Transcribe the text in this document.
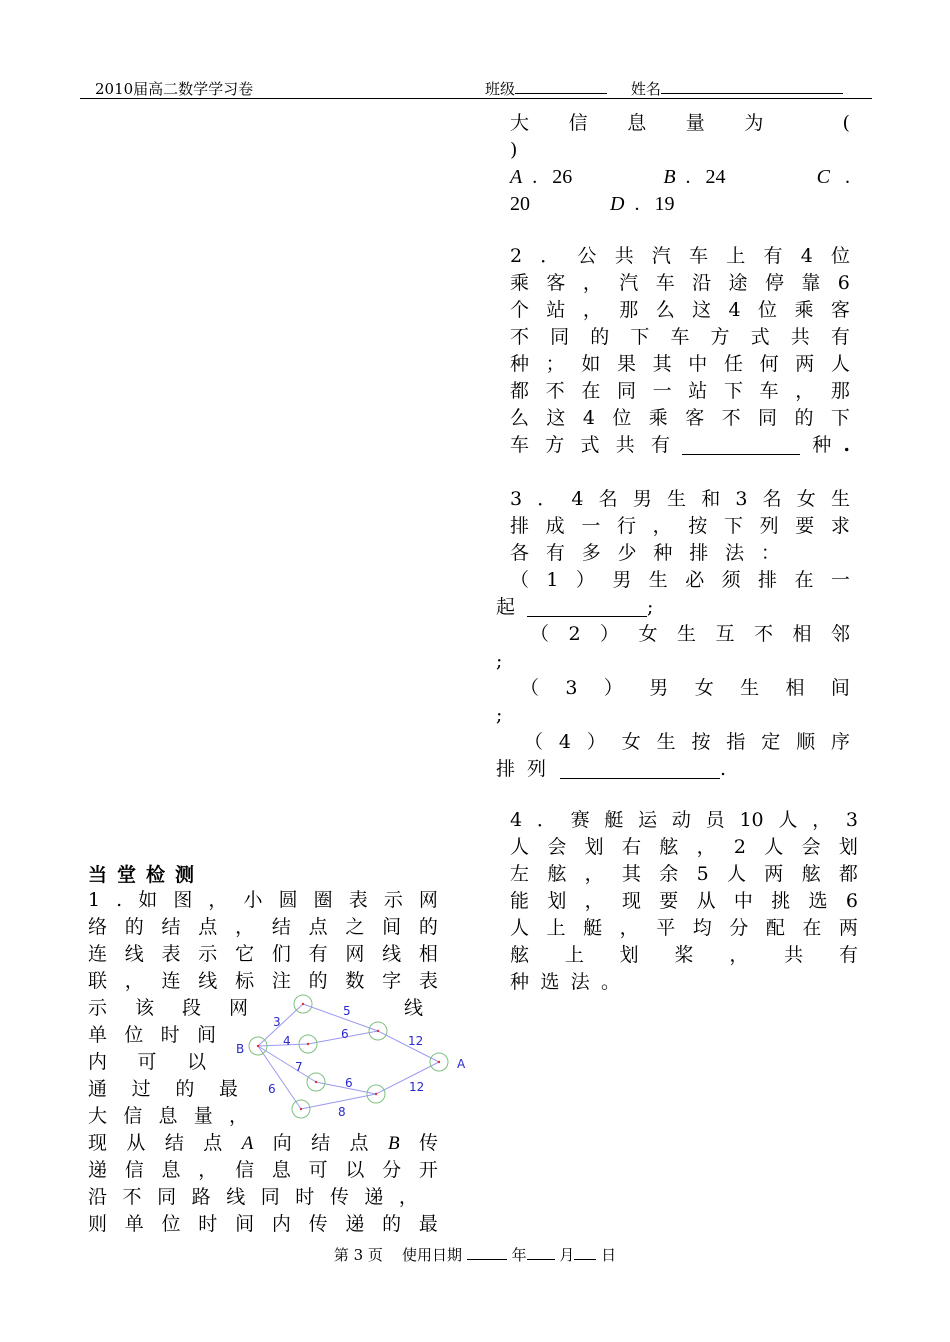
2010届高二数学学习卷	班级	姓名
大 信 息 量 为	(
)
A . 26	B . 24	C .
20	D . 19
2 ． 公 共 汽 车 上 有 4 位
乘 客 ， 汽 车 沿 途 停 靠 6
个 站 ， 那 么 这 4 位 乘 客
不 同 的 下 车 方 式 共 有
种 ； 如 果 其 中 任 何 两 人
都 不 在 同 一 站 下 车 ， 那
么 这 4 位 乘 客 不 同 的 下
车 方 式 共 有	种 .
3 ． 4 名 男 生 和 3 名 女 生
排 成 一 行 ， 按 下 列 要 求
各 有 多 少 种 排 法 ：
（ 1 ） 男 生 必 须 排 在 一
起	;
（ 2 ） 女 生 互 不 相 邻
;
（ 3 ） 男 女 生 相 间
;
（ 4 ） 女 生 按 指 定 顺 序
排列	.
4 ． 赛 艇 运 动 员 10 人 ， 3
人 会 划 右 舷 ， 2 人 会 划
左 舷 ， 其 余 5 人 两 舷 都
能 划 ， 现 要 从 中 挑 选 6
人 上 艇 ， 平 均 分 配 在 两
舷 上 划 桨 ， 共 有
种 选 法 。
当堂检测
1 . 如 图 ， 小 圆 圈 表 示 网
络 的 结 点 ， 结 点 之 间 的
连 线 表 示 它 们 有 网 线 相
联 ， 连 线 标 注 的 数 字 表
示 该 段 网
单 位 时 间
内 可 以
通 过 的 最
大 信 息 量 ，
线
现 从 结 点 A 向 结 点 B 传
递 信 息 ， 信 息 可 以 分 开
沿 不 同 路 线 同 时 传 递 ，
则 单 位 时 间 内 传 递 的 最
3
5
4	6	12
7
6	12
6
8
B
A
第 3 页 使用日期	年 月 日
